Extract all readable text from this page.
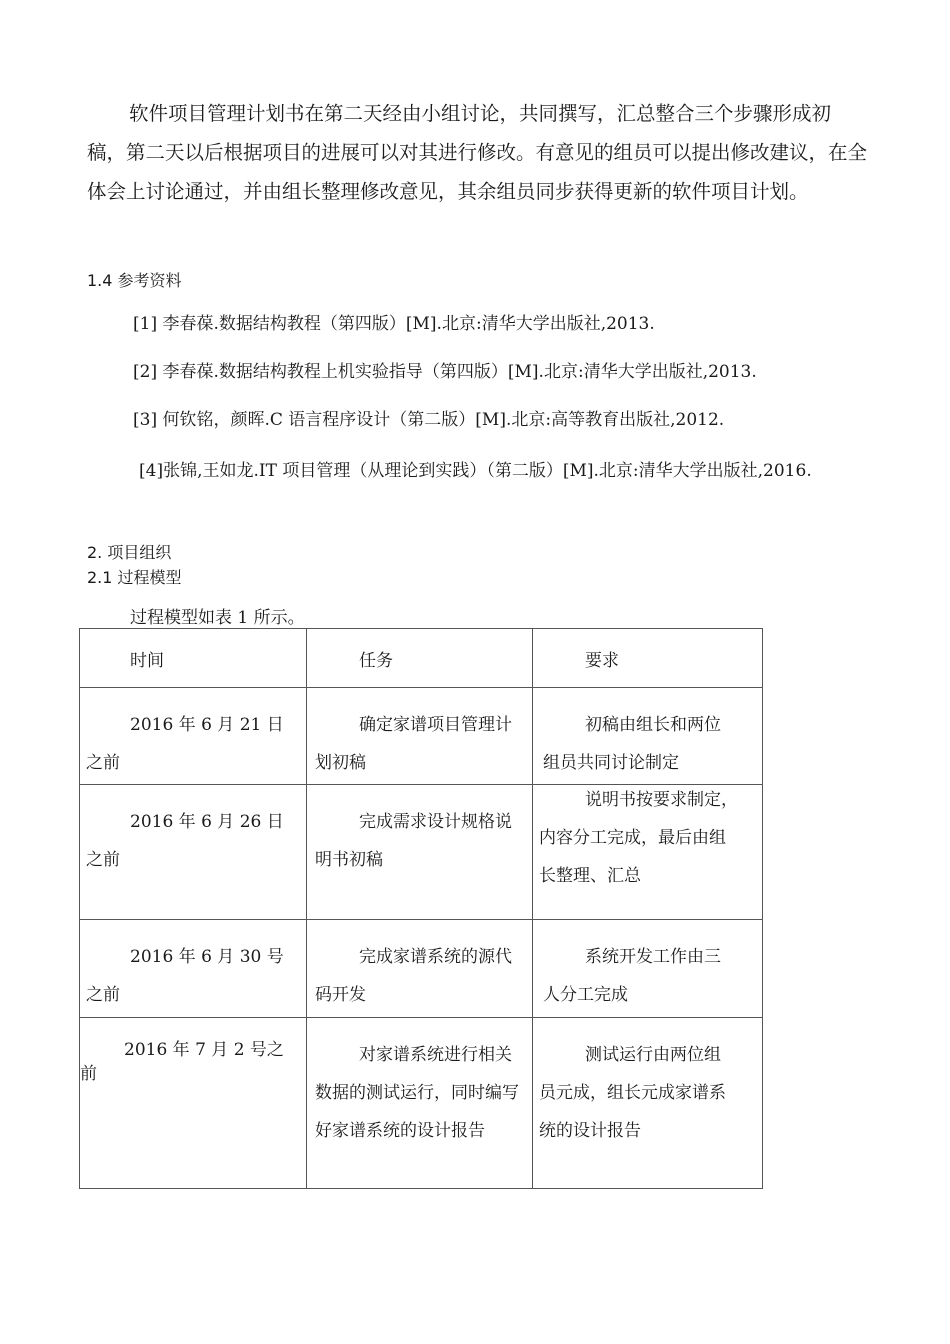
软件项目管理计划书在第二天经由小组讨论，共同撰写，汇总整合三个步骤形成初稿，第二天以后根据项目的进展可以对其进行修改。有意见的组员可以提出修改建议，在全体会上讨论通过，并由组长整理修改意见，其余组员同步获得更新的软件项目计划。

1.4 参考资料
[1] 李春葆.数据结构教程（第四版）[M].北京:清华大学出版社,2013.
[2] 李春葆.数据结构教程上机实验指导（第四版）[M].北京:清华大学出版社,2013.
[3] 何钦铭，颜晖.C 语言程序设计（第二版）[M].北京:高等教育出版社,2012.

[4]张锦,王如龙.IT 项目管理（从理论到实践）（第二版）[M].北京:清华大学出版社,2016.

2. 项目组织
2.1 过程模型
过程模型如表 1 所示。
时间	任务	要求

2016 年 6 月 21 日之前	确定家谱项目管理计划初稿	初稿由组长和两位
组员共同讨论制定

2016 年 6 月 26 日之前	完成需求设计规格说明书初稿	说明书按要求制定，
内容分工完成，最后由组
长整理、汇总

2016 年 6 月 30 号之前	完成家谱系统的源代码开发	系统开发工作由三
人分工完成

2016 年 7 月 2 号之前	对家谱系统进行相关数据的测试运行，同时编写好家谱系统的设计报告	测试运行由两位组
员元成，组长元成家谱系
统的设计报告
